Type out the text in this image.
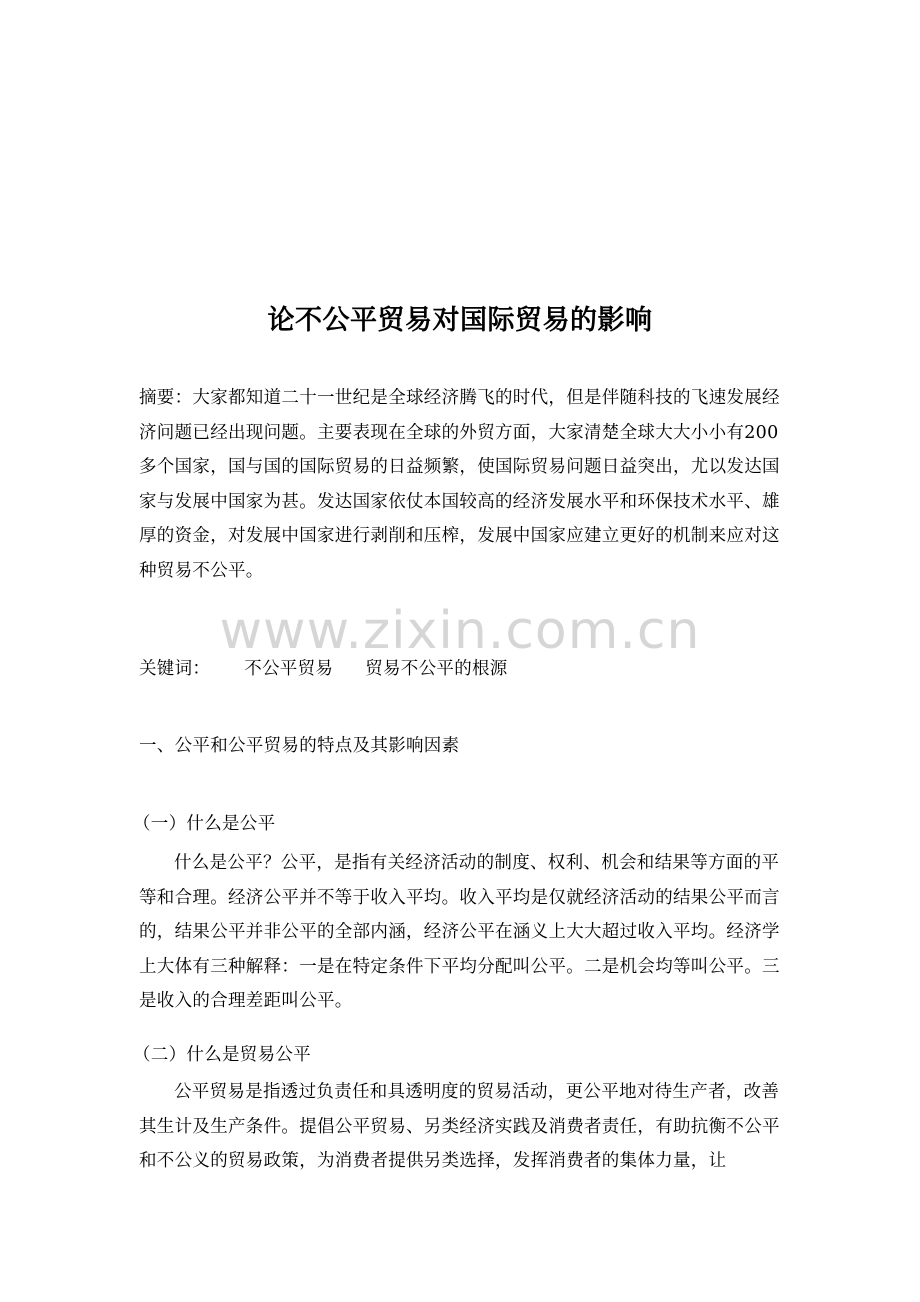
论不公平贸易对国际贸易的影响
摘要：大家都知道二十一世纪是全球经济腾飞的时代，但是伴随科技的飞速发展经济问题已经出现问题。主要表现在全球的外贸方面，大家清楚全球大大小小有200多个国家，国与国的国际贸易的日益频繁，使国际贸易问题日益突出，尤以发达国家与发展中国家为甚。发达国家依仗本国较高的经济发展水平和环保技术水平、雄厚的资金，对发展中国家进行剥削和压榨，发展中国家应建立更好的机制来应对这种贸易不公平。
关键词： 不公平贸易 贸易不公平的根源
一、公平和公平贸易的特点及其影响因素
（一）什么是公平
什么是公平？公平，是指有关经济活动的制度、权利、机会和结果等方面的平等和合理。经济公平并不等于收入平均。收入平均是仅就经济活动的结果公平而言的，结果公平并非公平的全部内涵，经济公平在涵义上大大超过收入平均。经济学上大体有三种解释：一是在特定条件下平均分配叫公平。二是机会均等叫公平。三是收入的合理差距叫公平。
（二）什么是贸易公平
公平贸易是指透过负责任和具透明度的贸易活动，更公平地对待生产者，改善其生计及生产条件。提倡公平贸易、另类经济实践及消费者责任，有助抗衡不公平和不公义的贸易政策，为消费者提供另类选择，发挥消费者的集体力量，让
www.zixin.com.cn
